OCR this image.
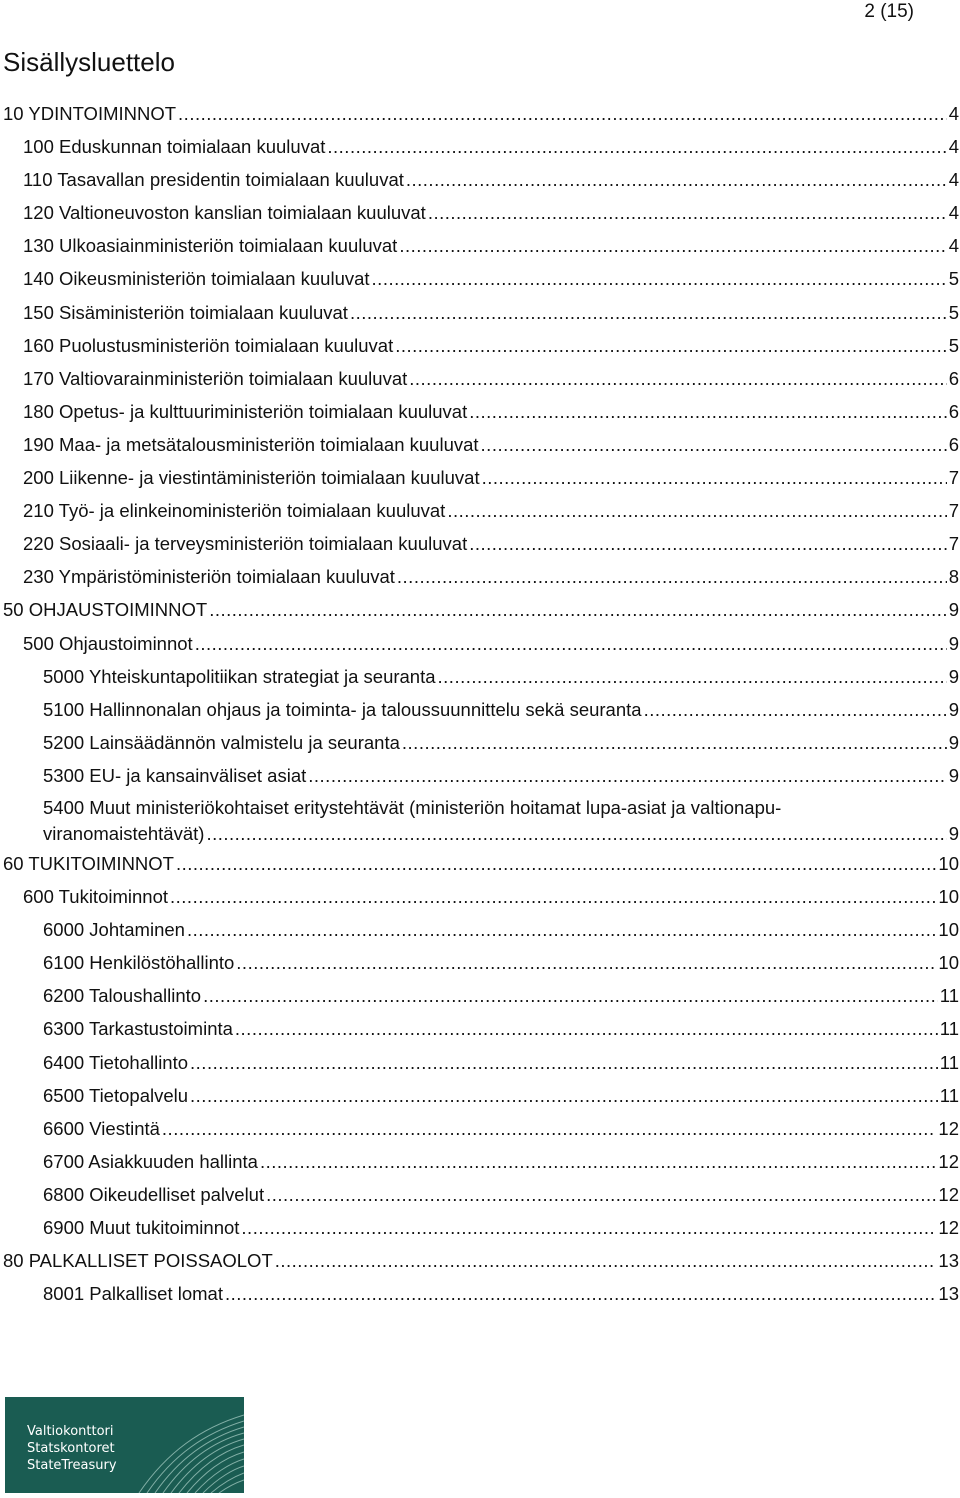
2 (15)
Sisällysluettelo
10 YDINTOIMINNOT .....	4
100 Eduskunnan toimialaan kuuluvat .....	4
110 Tasavallan presidentin toimialaan kuuluvat .....	4
120 Valtioneuvoston kanslian toimialaan kuuluvat .....	4
130 Ulkoasiainministeriön toimialaan kuuluvat .....	4
140 Oikeusministeriön toimialaan kuuluvat .....	5
150 Sisäministeriön toimialaan kuuluvat .....	5
160 Puolustusministeriön toimialaan kuuluvat .....	5
170 Valtiovarainministeriön toimialaan kuuluvat .....	6
180 Opetus- ja kulttuuriministeriön toimialaan kuuluvat .....	6
190 Maa- ja metsätalousministeriön toimialaan kuuluvat .....	6
200 Liikenne- ja viestintäministeriön toimialaan kuuluvat .....	7
210 Työ- ja elinkeinoministeriön toimialaan kuuluvat .....	7
220 Sosiaali- ja terveysministeriön toimialaan kuuluvat .....	7
230 Ympäristöministeriön toimialaan kuuluvat .....	8
50 OHJAUSTOIMINNOT .....	9
500 Ohjaustoiminnot .....	9
5000 Yhteiskuntapolitiikan strategiat ja seuranta .....	9
5100 Hallinnonalan ohjaus ja toiminta- ja taloussuunnittelu sekä seuranta .....	9
5200 Lainsäädännön valmistelu ja seuranta .....	9
5300 EU- ja kansainväliset asiat .....	9
5400 Muut ministeriökohtaiset eritystehtävät (ministeriön hoitamat lupa-asiat ja valtionapu-
viranomaistehtävät) .....	9
60 TUKITOIMINNOT .....	10
600 Tukitoiminnot .....	10
6000 Johtaminen .....	10
6100 Henkilöstöhallinto .....	10
6200 Taloushallinto .....	11
6300 Tarkastustoiminta .....	11
6400 Tietohallinto .....	11
6500 Tietopalvelu .....	11
6600 Viestintä .....	12
6700 Asiakkuuden hallinta .....	12
6800 Oikeudelliset palvelut .....	12
6900 Muut tukitoiminnot .....	12
80 PALKALLISET POISSAOLOT .....	13
8001 Palkalliset lomat .....	13
Valtiokonttori
Statskontoret
StateTreasury
